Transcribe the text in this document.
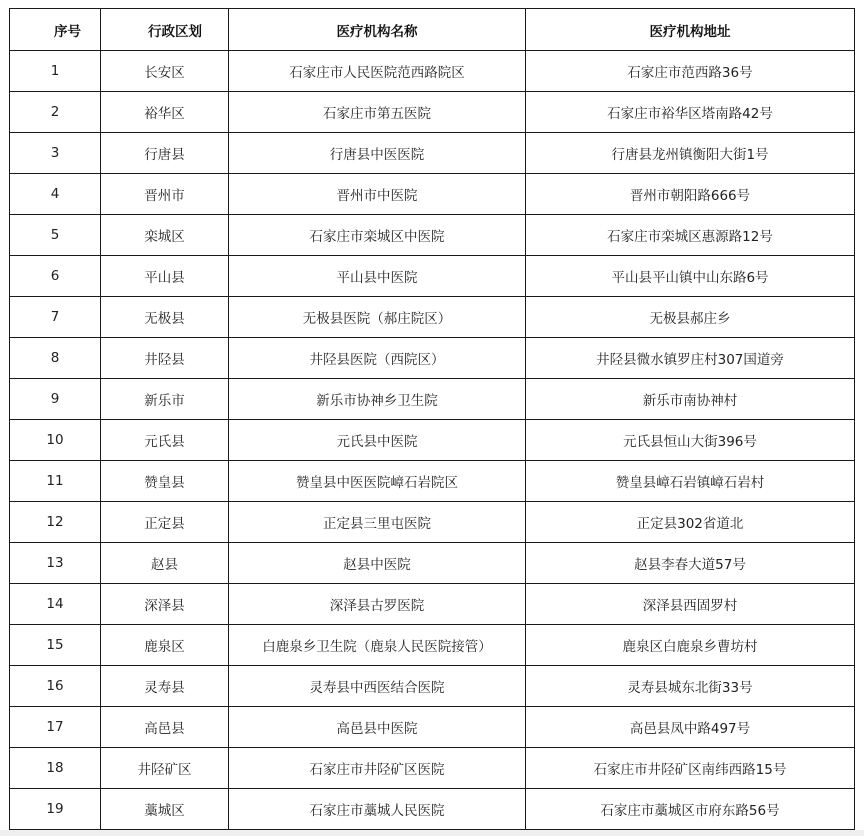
序号	行政区划	医疗机构名称	医疗机构地址
1	长安区	石家庄市人民医院范西路院区	石家庄市范西路36号
2	裕华区	石家庄市第五医院	石家庄市裕华区塔南路42号
3	行唐县	行唐县中医医院	行唐县龙州镇衡阳大街1号
4	晋州市	晋州市中医院	晋州市朝阳路666号
5	栾城区	石家庄市栾城区中医院	石家庄市栾城区惠源路12号
6	平山县	平山县中医院	平山县平山镇中山东路6号
7	无极县	无极县医院（郝庄院区）	无极县郝庄乡
8	井陉县	井陉县医院（西院区）	井陉县微水镇罗庄村307国道旁
9	新乐市	新乐市协神乡卫生院	新乐市南协神村
10	元氏县	元氏县中医院	元氏县恒山大街396号
11	赞皇县	赞皇县中医医院嶂石岩院区	赞皇县嶂石岩镇嶂石岩村
12	正定县	正定县三里屯医院	正定县302省道北
13	赵县	赵县中医院	赵县李春大道57号
14	深泽县	深泽县古罗医院	深泽县西固罗村
15	鹿泉区	白鹿泉乡卫生院（鹿泉人民医院接管）	鹿泉区白鹿泉乡曹坊村
16	灵寿县	灵寿县中西医结合医院	灵寿县城东北街33号
17	高邑县	高邑县中医院	高邑县凤中路497号
18	井陉矿区	石家庄市井陉矿区医院	石家庄市井陉矿区南纬西路15号
19	藁城区	石家庄市藁城人民医院	石家庄市藁城区市府东路56号
